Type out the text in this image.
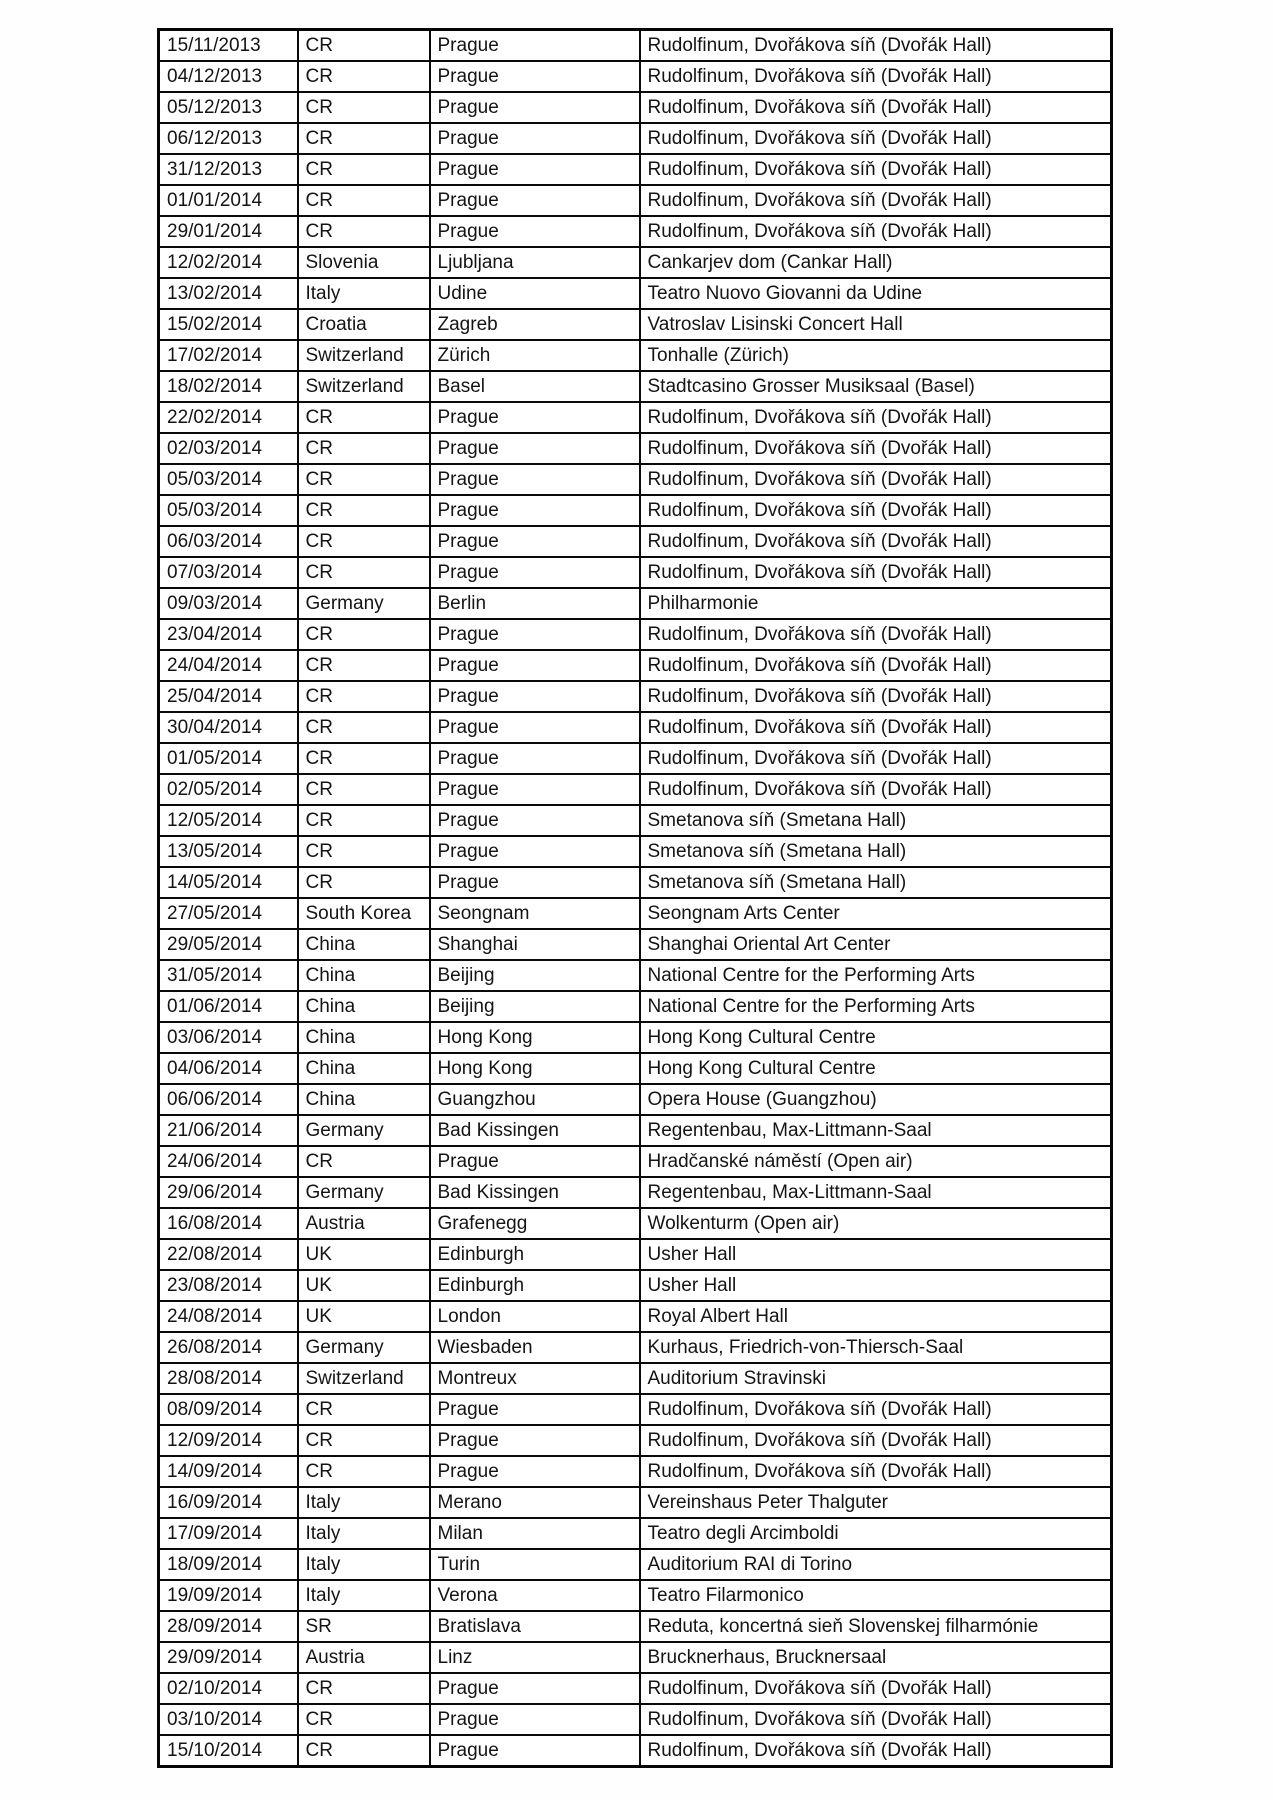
15/11/2013	CR	Prague	Rudolfinum, Dvořákova síň (Dvořák Hall)
04/12/2013	CR	Prague	Rudolfinum, Dvořákova síň (Dvořák Hall)
05/12/2013	CR	Prague	Rudolfinum, Dvořákova síň (Dvořák Hall)
06/12/2013	CR	Prague	Rudolfinum, Dvořákova síň (Dvořák Hall)
31/12/2013	CR	Prague	Rudolfinum, Dvořákova síň (Dvořák Hall)
01/01/2014	CR	Prague	Rudolfinum, Dvořákova síň (Dvořák Hall)
29/01/2014	CR	Prague	Rudolfinum, Dvořákova síň (Dvořák Hall)
12/02/2014	Slovenia	Ljubljana	Cankarjev dom (Cankar Hall)
13/02/2014	Italy	Udine	Teatro Nuovo Giovanni da Udine
15/02/2014	Croatia	Zagreb	Vatroslav Lisinski Concert Hall
17/02/2014	Switzerland	Zürich	Tonhalle (Zürich)
18/02/2014	Switzerland	Basel	Stadtcasino Grosser Musiksaal (Basel)
22/02/2014	CR	Prague	Rudolfinum, Dvořákova síň (Dvořák Hall)
02/03/2014	CR	Prague	Rudolfinum, Dvořákova síň (Dvořák Hall)
05/03/2014	CR	Prague	Rudolfinum, Dvořákova síň (Dvořák Hall)
05/03/2014	CR	Prague	Rudolfinum, Dvořákova síň (Dvořák Hall)
06/03/2014	CR	Prague	Rudolfinum, Dvořákova síň (Dvořák Hall)
07/03/2014	CR	Prague	Rudolfinum, Dvořákova síň (Dvořák Hall)
09/03/2014	Germany	Berlin	Philharmonie
23/04/2014	CR	Prague	Rudolfinum, Dvořákova síň (Dvořák Hall)
24/04/2014	CR	Prague	Rudolfinum, Dvořákova síň (Dvořák Hall)
25/04/2014	CR	Prague	Rudolfinum, Dvořákova síň (Dvořák Hall)
30/04/2014	CR	Prague	Rudolfinum, Dvořákova síň (Dvořák Hall)
01/05/2014	CR	Prague	Rudolfinum, Dvořákova síň (Dvořák Hall)
02/05/2014	CR	Prague	Rudolfinum, Dvořákova síň (Dvořák Hall)
12/05/2014	CR	Prague	Smetanova síň (Smetana Hall)
13/05/2014	CR	Prague	Smetanova síň (Smetana Hall)
14/05/2014	CR	Prague	Smetanova síň (Smetana Hall)
27/05/2014	South Korea	Seongnam	Seongnam Arts Center
29/05/2014	China	Shanghai	Shanghai Oriental Art Center
31/05/2014	China	Beijing	National Centre for the Performing Arts
01/06/2014	China	Beijing	National Centre for the Performing Arts
03/06/2014	China	Hong Kong	Hong Kong Cultural Centre
04/06/2014	China	Hong Kong	Hong Kong Cultural Centre
06/06/2014	China	Guangzhou	Opera House (Guangzhou)
21/06/2014	Germany	Bad Kissingen	Regentenbau, Max-Littmann-Saal
24/06/2014	CR	Prague	Hradčanské náměstí (Open air)
29/06/2014	Germany	Bad Kissingen	Regentenbau, Max-Littmann-Saal
16/08/2014	Austria	Grafenegg	Wolkenturm (Open air)
22/08/2014	UK	Edinburgh	Usher Hall
23/08/2014	UK	Edinburgh	Usher Hall
24/08/2014	UK	London	Royal Albert Hall
26/08/2014	Germany	Wiesbaden	Kurhaus, Friedrich-von-Thiersch-Saal
28/08/2014	Switzerland	Montreux	Auditorium Stravinski
08/09/2014	CR	Prague	Rudolfinum, Dvořákova síň (Dvořák Hall)
12/09/2014	CR	Prague	Rudolfinum, Dvořákova síň (Dvořák Hall)
14/09/2014	CR	Prague	Rudolfinum, Dvořákova síň (Dvořák Hall)
16/09/2014	Italy	Merano	Vereinshaus Peter Thalguter
17/09/2014	Italy	Milan	Teatro degli Arcimboldi
18/09/2014	Italy	Turin	Auditorium RAI di Torino
19/09/2014	Italy	Verona	Teatro Filarmonico
28/09/2014	SR	Bratislava	Reduta, koncertná sieň Slovenskej filharmónie
29/09/2014	Austria	Linz	Brucknerhaus, Brucknersaal
02/10/2014	CR	Prague	Rudolfinum, Dvořákova síň (Dvořák Hall)
03/10/2014	CR	Prague	Rudolfinum, Dvořákova síň (Dvořák Hall)
15/10/2014	CR	Prague	Rudolfinum, Dvořákova síň (Dvořák Hall)
